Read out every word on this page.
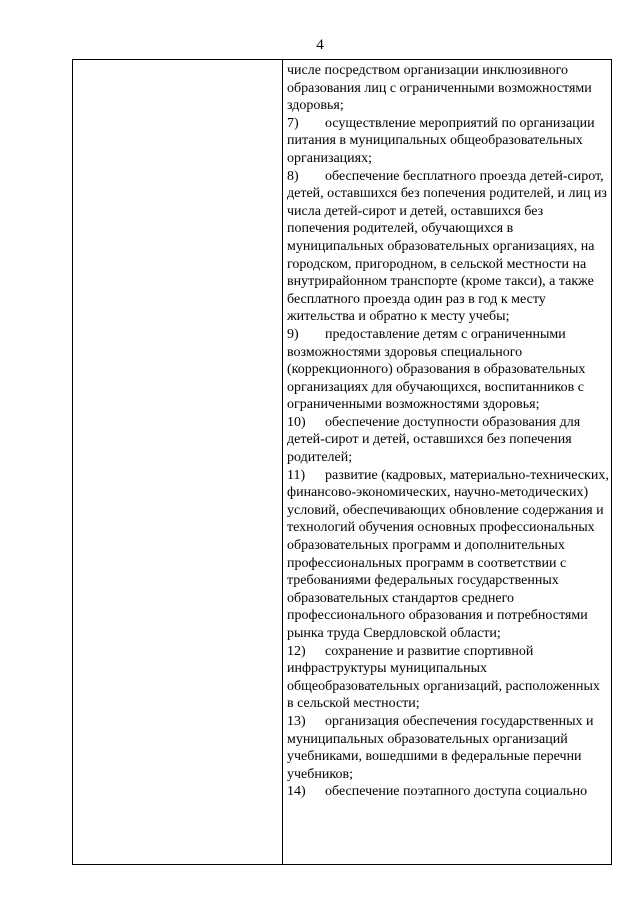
4

числе посредством организации инклюзивного образования лиц с ограниченными возможностями здоровья;

7) осуществление мероприятий по организации питания в муниципальных общеобразовательных организациях;

8) обеспечение бесплатного проезда детей-сирот, детей, оставшихся без попечения родителей, и лиц из числа детей-сирот и детей, оставшихся без попечения родителей, обучающихся в муниципальных образовательных организациях, на городском, пригородном, в сельской местности на внутрирайонном транспорте (кроме такси), а также бесплатного проезда один раз в год к месту жительства и обратно к месту учебы;

9) предоставление детям с ограниченными возможностями здоровья специального (коррекционного) образования в образовательных организациях для обучающихся, воспитанников с ограниченными возможностями здоровья;

10) обеспечение доступности образования для детей-сирот и детей, оставшихся без попечения родителей;

11) развитие (кадровых, материально-технических, финансово-экономических, научно-методических) условий, обеспечивающих обновление содержания и технологий обучения основных профессиональных образовательных программ и дополнительных профессиональных программ в соответствии с требованиями федеральных государственных образовательных стандартов среднего профессионального образования и потребностями рынка труда Свердловской области;

12) сохранение и развитие спортивной инфраструктуры муниципальных общеобразовательных организаций, расположенных в сельской местности;

13) организация обеспечения государственных и муниципальных образовательных организаций учебниками, вошедшими в федеральные перечни учебников;

14) обеспечение поэтапного доступа социально
